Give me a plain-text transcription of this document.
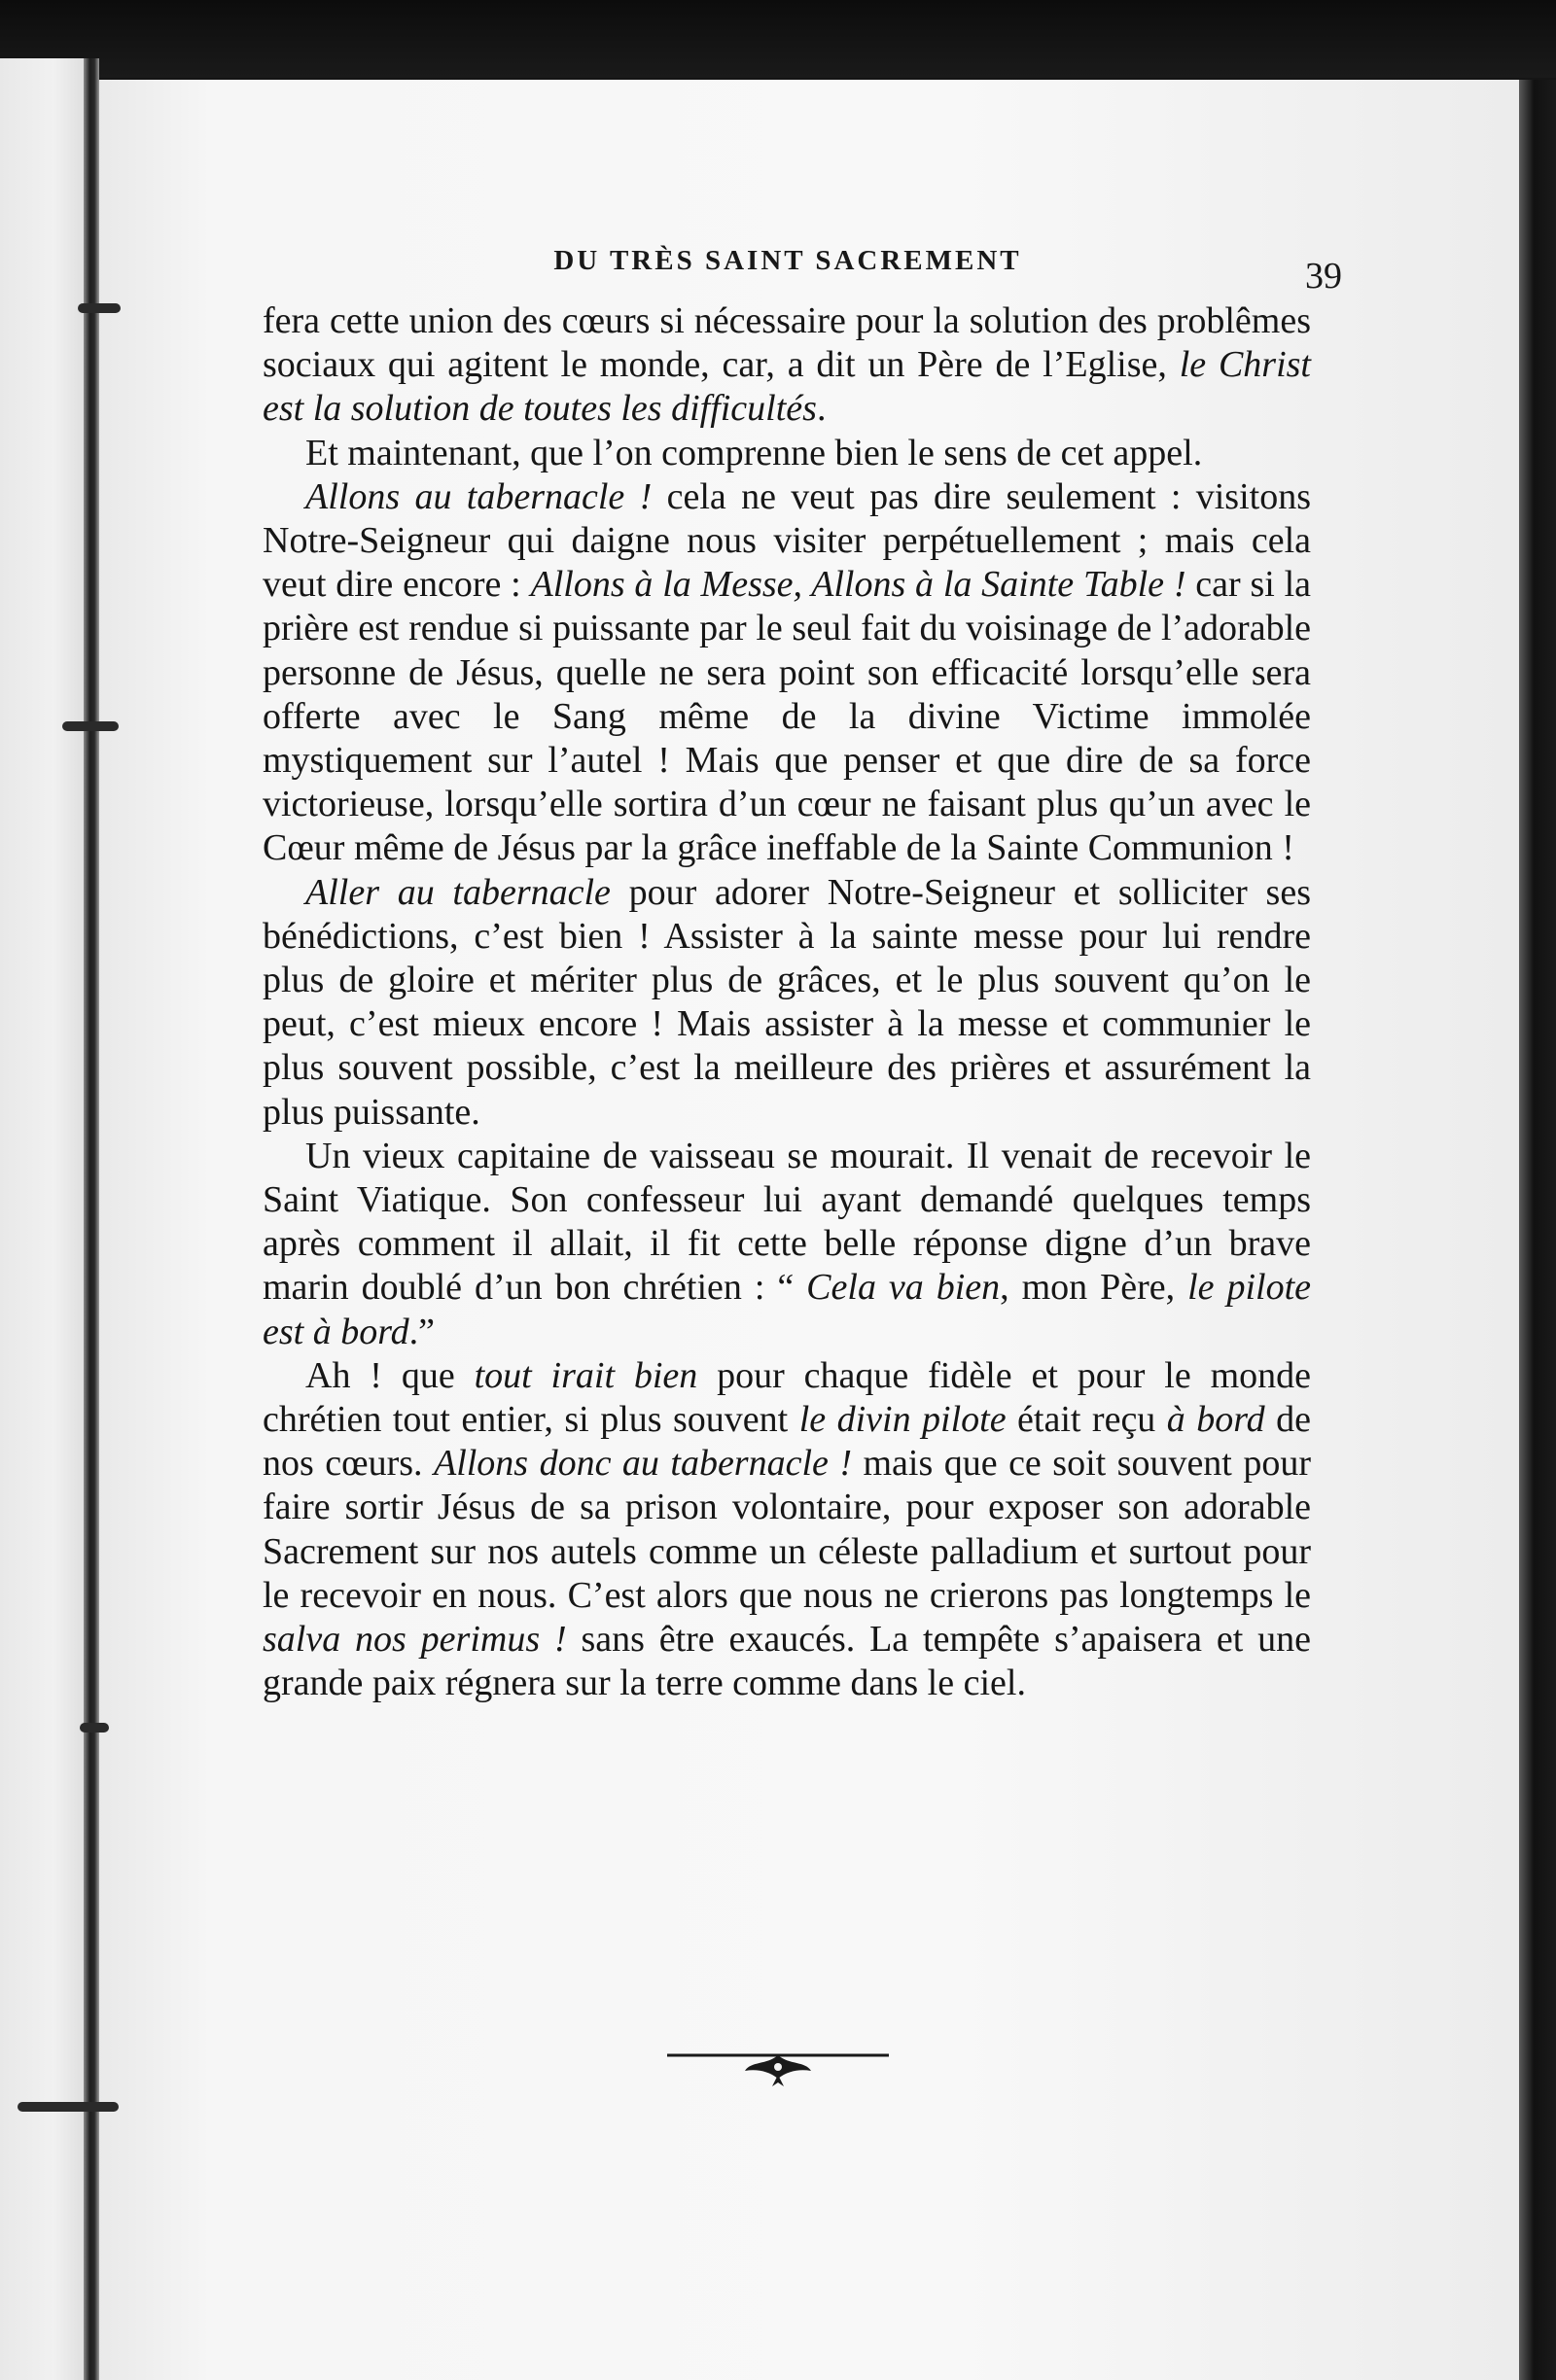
DU TRÈS SAINT SACREMENT	39

fera cette union des cœurs si nécessaire pour la solution des problêmes sociaux qui agitent le monde, car, a dit un Père de l’Eglise, le Christ est la solution de toutes les difficultés.

Et maintenant, que l’on comprenne bien le sens de cet appel.

Allons au tabernacle ! cela ne veut pas dire seulement : visitons Notre-Seigneur qui daigne nous visiter perpétuellement ; mais cela veut dire encore : Allons à la Messe, Allons à la Sainte Table ! car si la prière est rendue si puissante par le seul fait du voisinage de l’adorable personne de Jésus, quelle ne sera point son efficacité lorsqu’elle sera offerte avec le Sang même de la divine Victime immolée mystiquement sur l’autel ! Mais que penser et que dire de sa force victorieuse, lorsqu’elle sortira d’un cœur ne faisant plus qu’un avec le Cœur même de Jésus par la grâce ineffable de la Sainte Communion !

Aller au tabernacle pour adorer Notre-Seigneur et solliciter ses bénédictions, c’est bien ! Assister à la sainte messe pour lui rendre plus de gloire et mériter plus de grâces, et le plus souvent qu’on le peut, c’est mieux encore ! Mais assister à la messe et communier le plus souvent possible, c’est la meilleure des prières et assurément la plus puissante.

Un vieux capitaine de vaisseau se mourait. Il venait de recevoir le Saint Viatique. Son confesseur lui ayant demandé quelques temps après comment il allait, il fit cette belle réponse digne d’un brave marin doublé d’un bon chrétien : “ Cela va bien, mon Père, le pilote est à bord.”

Ah ! que tout irait bien pour chaque fidèle et pour le monde chrétien tout entier, si plus souvent le divin pilote était reçu à bord de nos cœurs. Allons donc au tabernacle ! mais que ce soit souvent pour faire sortir Jésus de sa prison volontaire, pour exposer son adorable Sacrement sur nos autels comme un céleste palladium et surtout pour le recevoir en nous. C’est alors que nous ne crierons pas longtemps le salva nos perimus ! sans être exaucés. La tempête s’apaisera et une grande paix régnera sur la terre comme dans le ciel.
